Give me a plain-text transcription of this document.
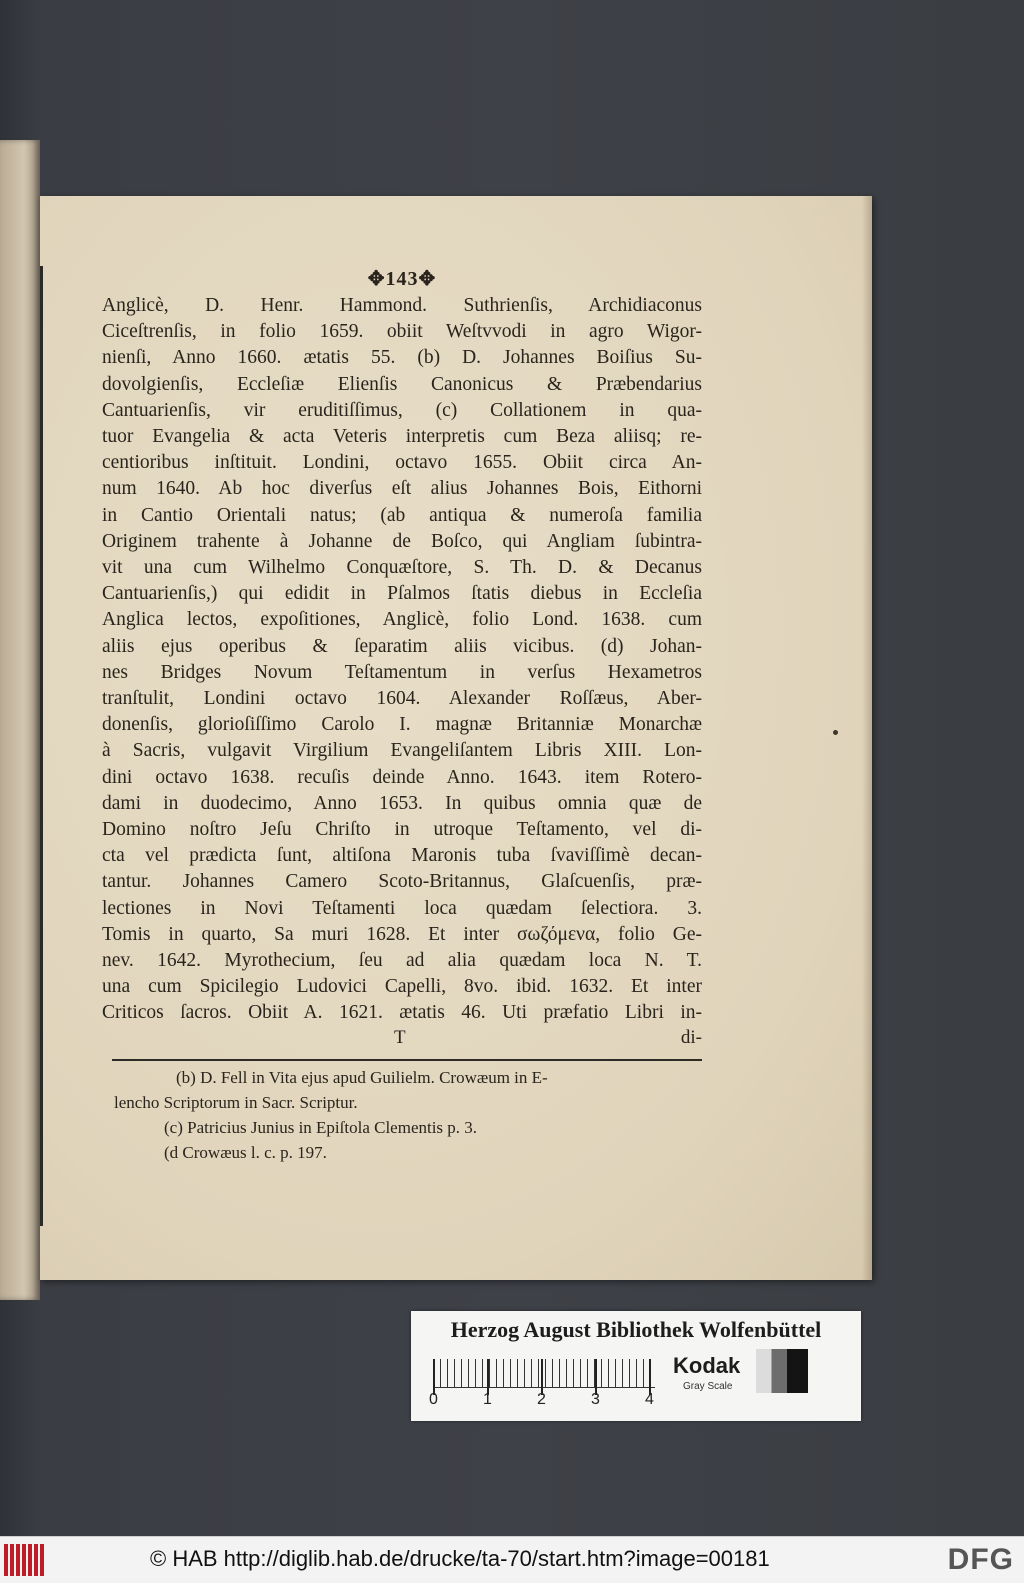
✥143✥
Anglicè, D. Henr. Hammond. Suthrienſis, Archidiaconus
Ciceſtrenſis, in folio 1659. obiit Weſtvvodi in agro Wigor-
nienſi, Anno 1660. ætatis 55. (b) D. Johannes Boiſius Su-
dovolgienſis, Eccleſiæ Elienſis Canonicus & Præbendarius
Cantuarienſis, vir eruditiſſimus, (c) Collationem in qua-
tuor Evangelia & acta Veteris interpretis cum Beza aliisq; re-
centioribus inſtituit. Londini, octavo 1655. Obiit circa An-
num 1640. Ab hoc diverſus eſt alius Johannes Bois, Eithorni
in Cantio Orientali natus; (ab antiqua & numeroſa familia
Originem trahente à Johanne de Boſco, qui Angliam ſubintra-
vit una cum Wilhelmo Conquæſtore, S. Th. D. & Decanus
Cantuarienſis,) qui edidit in Pſalmos ſtatis diebus in Eccleſia
Anglica lectos, expoſitiones, Anglicè, folio Lond. 1638. cum
aliis ejus operibus & ſeparatim aliis vicibus. (d) Johan-
nes Bridges Novum Teſtamentum in verſus Hexametros
tranſtulit, Londini octavo 1604. Alexander Roſſæus, Aber-
donenſis, glorioſiſſimo Carolo I. magnæ Britanniæ Monarchæ
à Sacris, vulgavit Virgilium Evangeliſantem Libris XIII. Lon-
dini octavo 1638. recuſis deinde Anno. 1643. item Rotero-
dami in duodecimo, Anno 1653. In quibus omnia quæ de
Domino noſtro Jeſu Chriſto in utroque Teſtamento, vel di-
cta vel prædicta ſunt, altiſona Maronis tuba ſvaviſſimè decan-
tantur. Johannes Camero Scoto-Britannus, Glaſcuenſis, præ-
lectiones in Novi Teſtamenti loca quædam ſelectiora. 3.
Tomis in quarto, Sa muri 1628. Et inter σωζόμενα, folio Ge-
nev. 1642. Myrothecium, ſeu ad alia quædam loca N. T.
una cum Spicilegio Ludovici Capelli, 8vo. ibid. 1632. Et inter
Criticos ſacros. Obiit A. 1621. ætatis 46. Uti præfatio Libri in-
T	di-
(b) D. Fell in Vita ejus apud Guilielm. Crowæum in E-
lencho Scriptorum in Sacr. Scriptur.
(c) Patricius Junius in Epiſtola Clementis p. 3.
(d Crowæus l. c. p. 197.
Herzog August Bibliothek Wolfenbüttel
0	1	2	3	4
Kodak
Gray Scale
© HAB http://diglib.hab.de/drucke/ta-70/start.htm?image=00181	DFG
